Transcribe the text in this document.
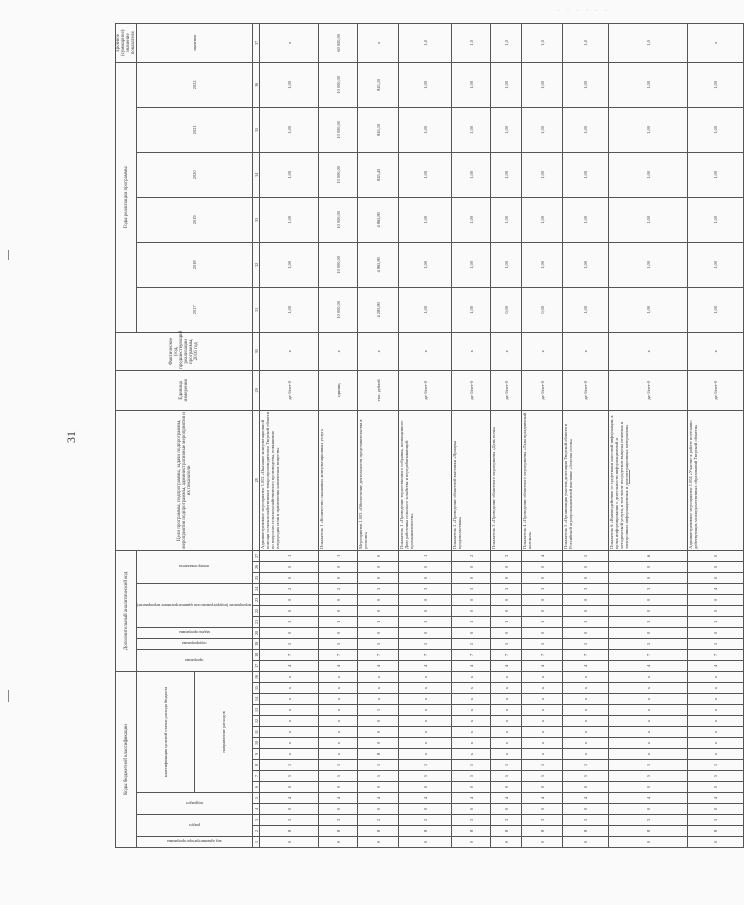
31
· · · · · ·
Коды бюджетной классификации																Дополнительный аналитический код											Цели программы, подпрограммы, задачи подпрограммы, мероприятия подпрограммы, административные мероприятия и их показатели	Единица измерения	Фактическое (год, предшествующий реализации программы, 2016 год	Годы реализации программы						Целевое (суммарное) значение показателя
код администратора программы	раздел		подраздел		классификация целевой статьи расхода бюджета											программа		подпрограмма	задача программы	мероприятие (подпрограммы или административное мероприятие)				номер показателя						2017	2018	2019	2020	2021	2022	значение
					направление расходов																															
1	2	3	4	5	6	7	8	9	10	11	12	13	14	15	16	17	18	19	20	21	22	23	24	25	26	27	28	29	30	31	32	33	34	35	36	37
0	8	3	0	4	0	5	1	х	х	х	х	х	х	х	х	4	7	5	0	1	0	0	2	0	0	1	Административное мероприятие 1.002 «Оказание консультационной помощи сельскохозяйственным товаропроизводителям Тверской области по вопросам сельскохозяйственного производства, повышения плодородия почв и применения химических веществ»	да-1/нет-0	х	1,00	1,00	1,00	1,00	1,00	1,00	х
0	8	3	0	4	0	5	1	х	х	х	х	х	х	х	х	4	7	5	0	1	0	0	2	0	0	1	Показатель 1 «Количество оказанных консультационных услуг»	единиц	х	10 000,00	10 000,00	10 000,00	10 000,00	10 000,00	10 000,00	60 000,00
0	8	2	0	4	0	5	1	8	0	0	0	1	х	х	х	4	7	5	0	1	0	0	3	0	0	0	Мероприятие 1.003 «Обеспечение деятельности представительства в регионе»	тыс. рублей	х	4 283,80	4 865,80	4 865,80	845,43	845,10	845,10	х
0	8	2	0	4	0	5	1	х	х	х	х	х	х	х	х	4	7	5	0	1	0	0	3	0	0	1	Показатель 1 «Проведение торжественного собрания, посвященного Дню работника сельского хозяйства и перерабатывающей промышленности»	да-1/нет-0	х	1,00	1,00	1,00	1,00	1,00	1,00	1,0
0	8	3	0	4	0	5	1	х	х	х	х	х	х	х	х	4	7	5	0	1	0	0	3	0	0	2	Показатель 2 «Проведение областной выставки «Ярмарка продовольствия»	да-1/нет-0	х	1,00	1,00	1,00	1,00	1,00	1,00	1,0
0	8	3	0	4	0	5	1	х	х	х	х	х	х	х	х	4	7	5	0	1	0	0	3	0	0	3	Показатель 3 «Проведение областного мероприятия «День поля»	да-1/нет-0	х	0,00	1,00	1,00	1,00	1,00	1,00	1,0
0	8	3	0	4	0	5	1	х	х	х	х	х	х	х	х	4	7	5	0	1	0	0	3	0	0	4	Показатель 4 «Проведение областного мероприятия «Льна праздничный колокол»	да-1/нет-0	х	0,00	1,00	1,00	1,00	1,00	1,00	1,0
0	8	3	0	4	0	5	1	х	х	х	х	х	х	х	х	4	7	5	0	1	0	0	3	0	0	5	Показатель 5 «Организация участия делегации Тверской области в Российской агропромышленной выставке «Золотая осень»	да-1/нет-0	х	1,00	1,00	1,00	1,00	1,00	1,00	1,0
0	8	3	0	4	0	5	1	х	х	х	х	х	х	х	х	4	7	5	0	1	0	0	3	0	0	6	Показатель 6 «Взаимодействие со средствами массовой информации, в целях информирования о деятельности информационной и методической услуги, в том числе посредством выпуска печатных и электронных информационных и демонстрационных материалов»	да-1/нет-0	х	1,00	1,00	1,00	1,00	1,00	1,00	1,0
0	8	3	0	4	0	5	1	х	х	х	х	х	х	х	х	4	7	5	0	1	0	0	4	0	0	0	Административное мероприятие 1.004 «Участие в работе постоянно действующих межведомственных образований Тверской области»	да-1/нет-0	х	1,00	1,00	1,00	1,00	1,00	1,00	х
